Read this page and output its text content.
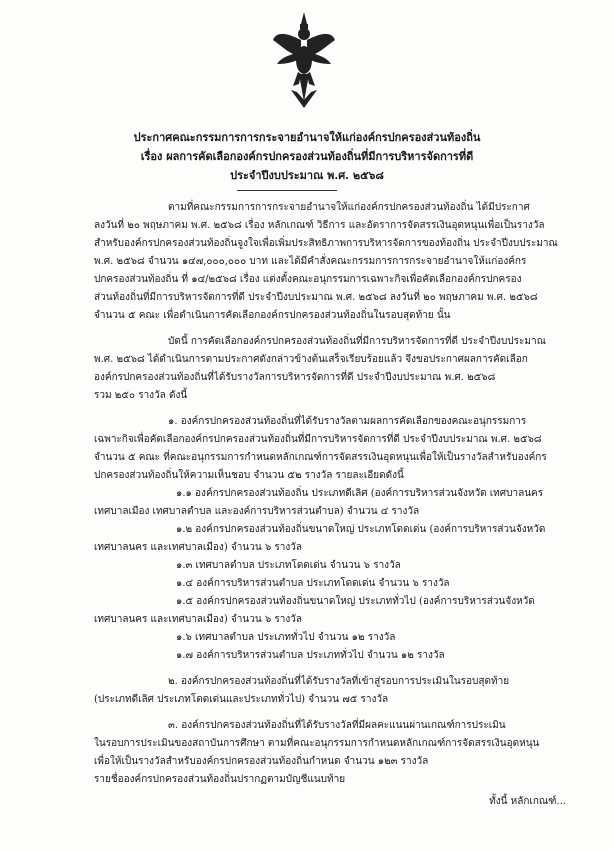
ประกาศคณะกรรมการการกระจายอำนาจให้แก่องค์กรปกครองส่วนท้องถิ่น
เรื่อง ผลการคัดเลือกองค์กรปกครองส่วนท้องถิ่นที่มีการบริหารจัดการที่ดี
ประจำปีงบประมาณ พ.ศ. ๒๕๖๘
ตามที่คณะกรรมการการกระจายอำนาจให้แก่องค์กรปกครองส่วนท้องถิ่น ได้มีประกาศ
ลงวันที่ ๒๐ พฤษภาคม พ.ศ. ๒๕๖๘ เรื่อง หลักเกณฑ์ วิธีการ และอัตราการจัดสรรเงินอุดหนุนเพื่อเป็นรางวัล
สำหรับองค์กรปกครองส่วนท้องถิ่นจูงใจเพื่อเพิ่มประสิทธิภาพการบริหารจัดการของท้องถิ่น ประจำปีงบประมาณ
พ.ศ. ๒๕๖๘ จำนวน ๑๔๗,๐๐๐,๐๐๐ บาท และได้มีคำสั่งคณะกรรมการการกระจายอำนาจให้แก่องค์กร
ปกครองส่วนท้องถิ่น ที่ ๑๔/๒๕๖๘ เรื่อง แต่งตั้งคณะอนุกรรมการเฉพาะกิจเพื่อคัดเลือกองค์กรปกครอง
ส่วนท้องถิ่นที่มีการบริหารจัดการที่ดี ประจำปีงบประมาณ พ.ศ. ๒๕๖๘ ลงวันที่ ๒๐ พฤษภาคม พ.ศ. ๒๕๖๘
จำนวน ๕ คณะ เพื่อดำเนินการคัดเลือกองค์กรปกครองส่วนท้องถิ่นในรอบสุดท้าย นั้น
บัดนี้ การคัดเลือกองค์กรปกครองส่วนท้องถิ่นที่มีการบริหารจัดการที่ดี ประจำปีงบประมาณ
พ.ศ. ๒๕๖๘ ได้ดำเนินการตามประกาศดังกล่าวข้างต้นเสร็จเรียบร้อยแล้ว จึงขอประกาศผลการคัดเลือก
องค์กรปกครองส่วนท้องถิ่นที่ได้รับรางวัลการบริหารจัดการที่ดี ประจำปีงบประมาณ พ.ศ. ๒๕๖๘
รวม ๒๕๐ รางวัล ดังนี้
๑. องค์กรปกครองส่วนท้องถิ่นที่ได้รับรางวัลตามผลการคัดเลือกของคณะอนุกรรมการ
เฉพาะกิจเพื่อคัดเลือกองค์กรปกครองส่วนท้องถิ่นที่มีการบริหารจัดการที่ดี ประจำปีงบประมาณ พ.ศ. ๒๕๖๘
จำนวน ๕ คณะ ที่คณะอนุกรรมการกำหนดหลักเกณฑ์การจัดสรรเงินอุดหนุนเพื่อให้เป็นรางวัลสำหรับองค์กร
ปกครองส่วนท้องถิ่นให้ความเห็นชอบ จำนวน ๕๒ รางวัล รายละเอียดดังนี้
๑.๑ องค์กรปกครองส่วนท้องถิ่น ประเภทดีเลิศ (องค์การบริหารส่วนจังหวัด เทศบาลนคร
เทศบาลเมือง เทศบาลตำบล และองค์การบริหารส่วนตำบล) จำนวน ๔ รางวัล
๑.๒ องค์กรปกครองส่วนท้องถิ่นขนาดใหญ่ ประเภทโดดเด่น (องค์การบริหารส่วนจังหวัด
เทศบาลนคร และเทศบาลเมือง) จำนวน ๖ รางวัล
๑.๓ เทศบาลตำบล ประเภทโดดเด่น จำนวน ๖ รางวัล
๑.๔ องค์การบริหารส่วนตำบล ประเภทโดดเด่น จำนวน ๖ รางวัล
๑.๕ องค์กรปกครองส่วนท้องถิ่นขนาดใหญ่ ประเภททั่วไป (องค์การบริหารส่วนจังหวัด
เทศบาลนคร และเทศบาลเมือง) จำนวน ๖ รางวัล
๑.๖ เทศบาลตำบล ประเภททั่วไป จำนวน ๑๒ รางวัล
๑.๗ องค์การบริหารส่วนตำบล ประเภททั่วไป จำนวน ๑๒ รางวัล
๒. องค์กรปกครองส่วนท้องถิ่นที่ได้รับรางวัลที่เข้าสู่รอบการประเมินในรอบสุดท้าย
(ประเภทดีเลิศ ประเภทโดดเด่นและประเภททั่วไป) จำนวน ๗๕ รางวัล
๓. องค์กรปกครองส่วนท้องถิ่นที่ได้รับรางวัลที่มีผลคะแนนผ่านเกณฑ์การประเมิน
ในรอบการประเมินของสถาบันการศึกษา ตามที่คณะอนุกรรมการกำหนดหลักเกณฑ์การจัดสรรเงินอุดหนุน
เพื่อให้เป็นรางวัลสำหรับองค์กรปกครองส่วนท้องถิ่นกำหนด จำนวน ๑๒๓ รางวัล
รายชื่อองค์กรปกครองส่วนท้องถิ่นปรากฏตามบัญชีแนบท้าย
ทั้งนี้ หลักเกณฑ์...
